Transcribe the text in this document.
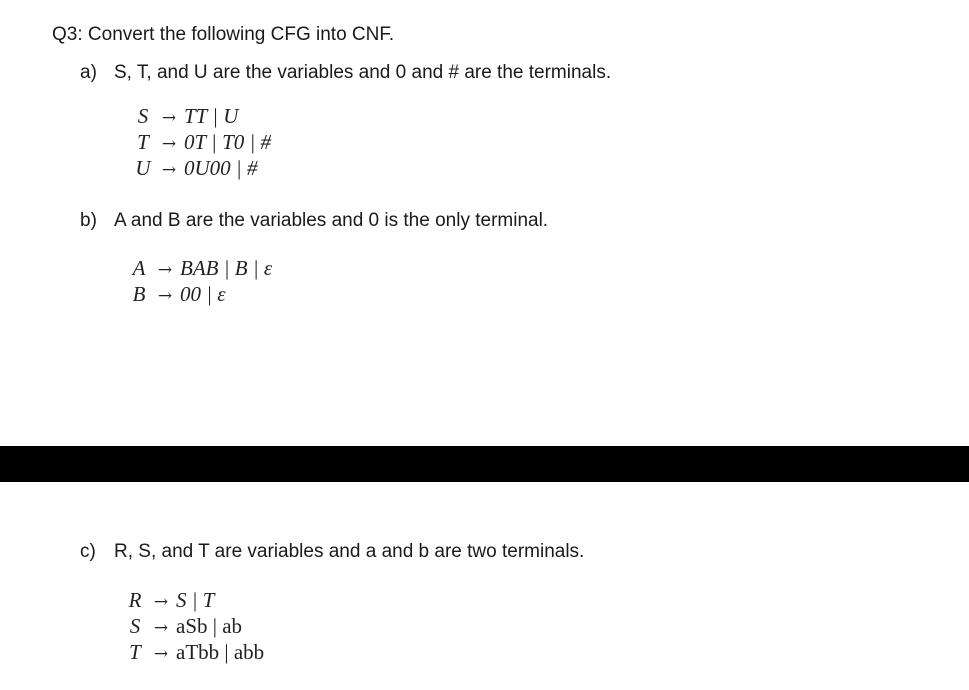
Q3: Convert the following CFG into CNF.
a) S, T, and U are the variables and 0 and # are the terminals.
S → TT | U
T → 0T | T0 | #
U → 0U00 | #
b) A and B are the variables and 0 is the only terminal.
A → BAB | B | ε
B → 00 | ε
c) R, S, and T are variables and a and b are two terminals.
R → S | T
S → aSb | ab
T → aTbb | abb
